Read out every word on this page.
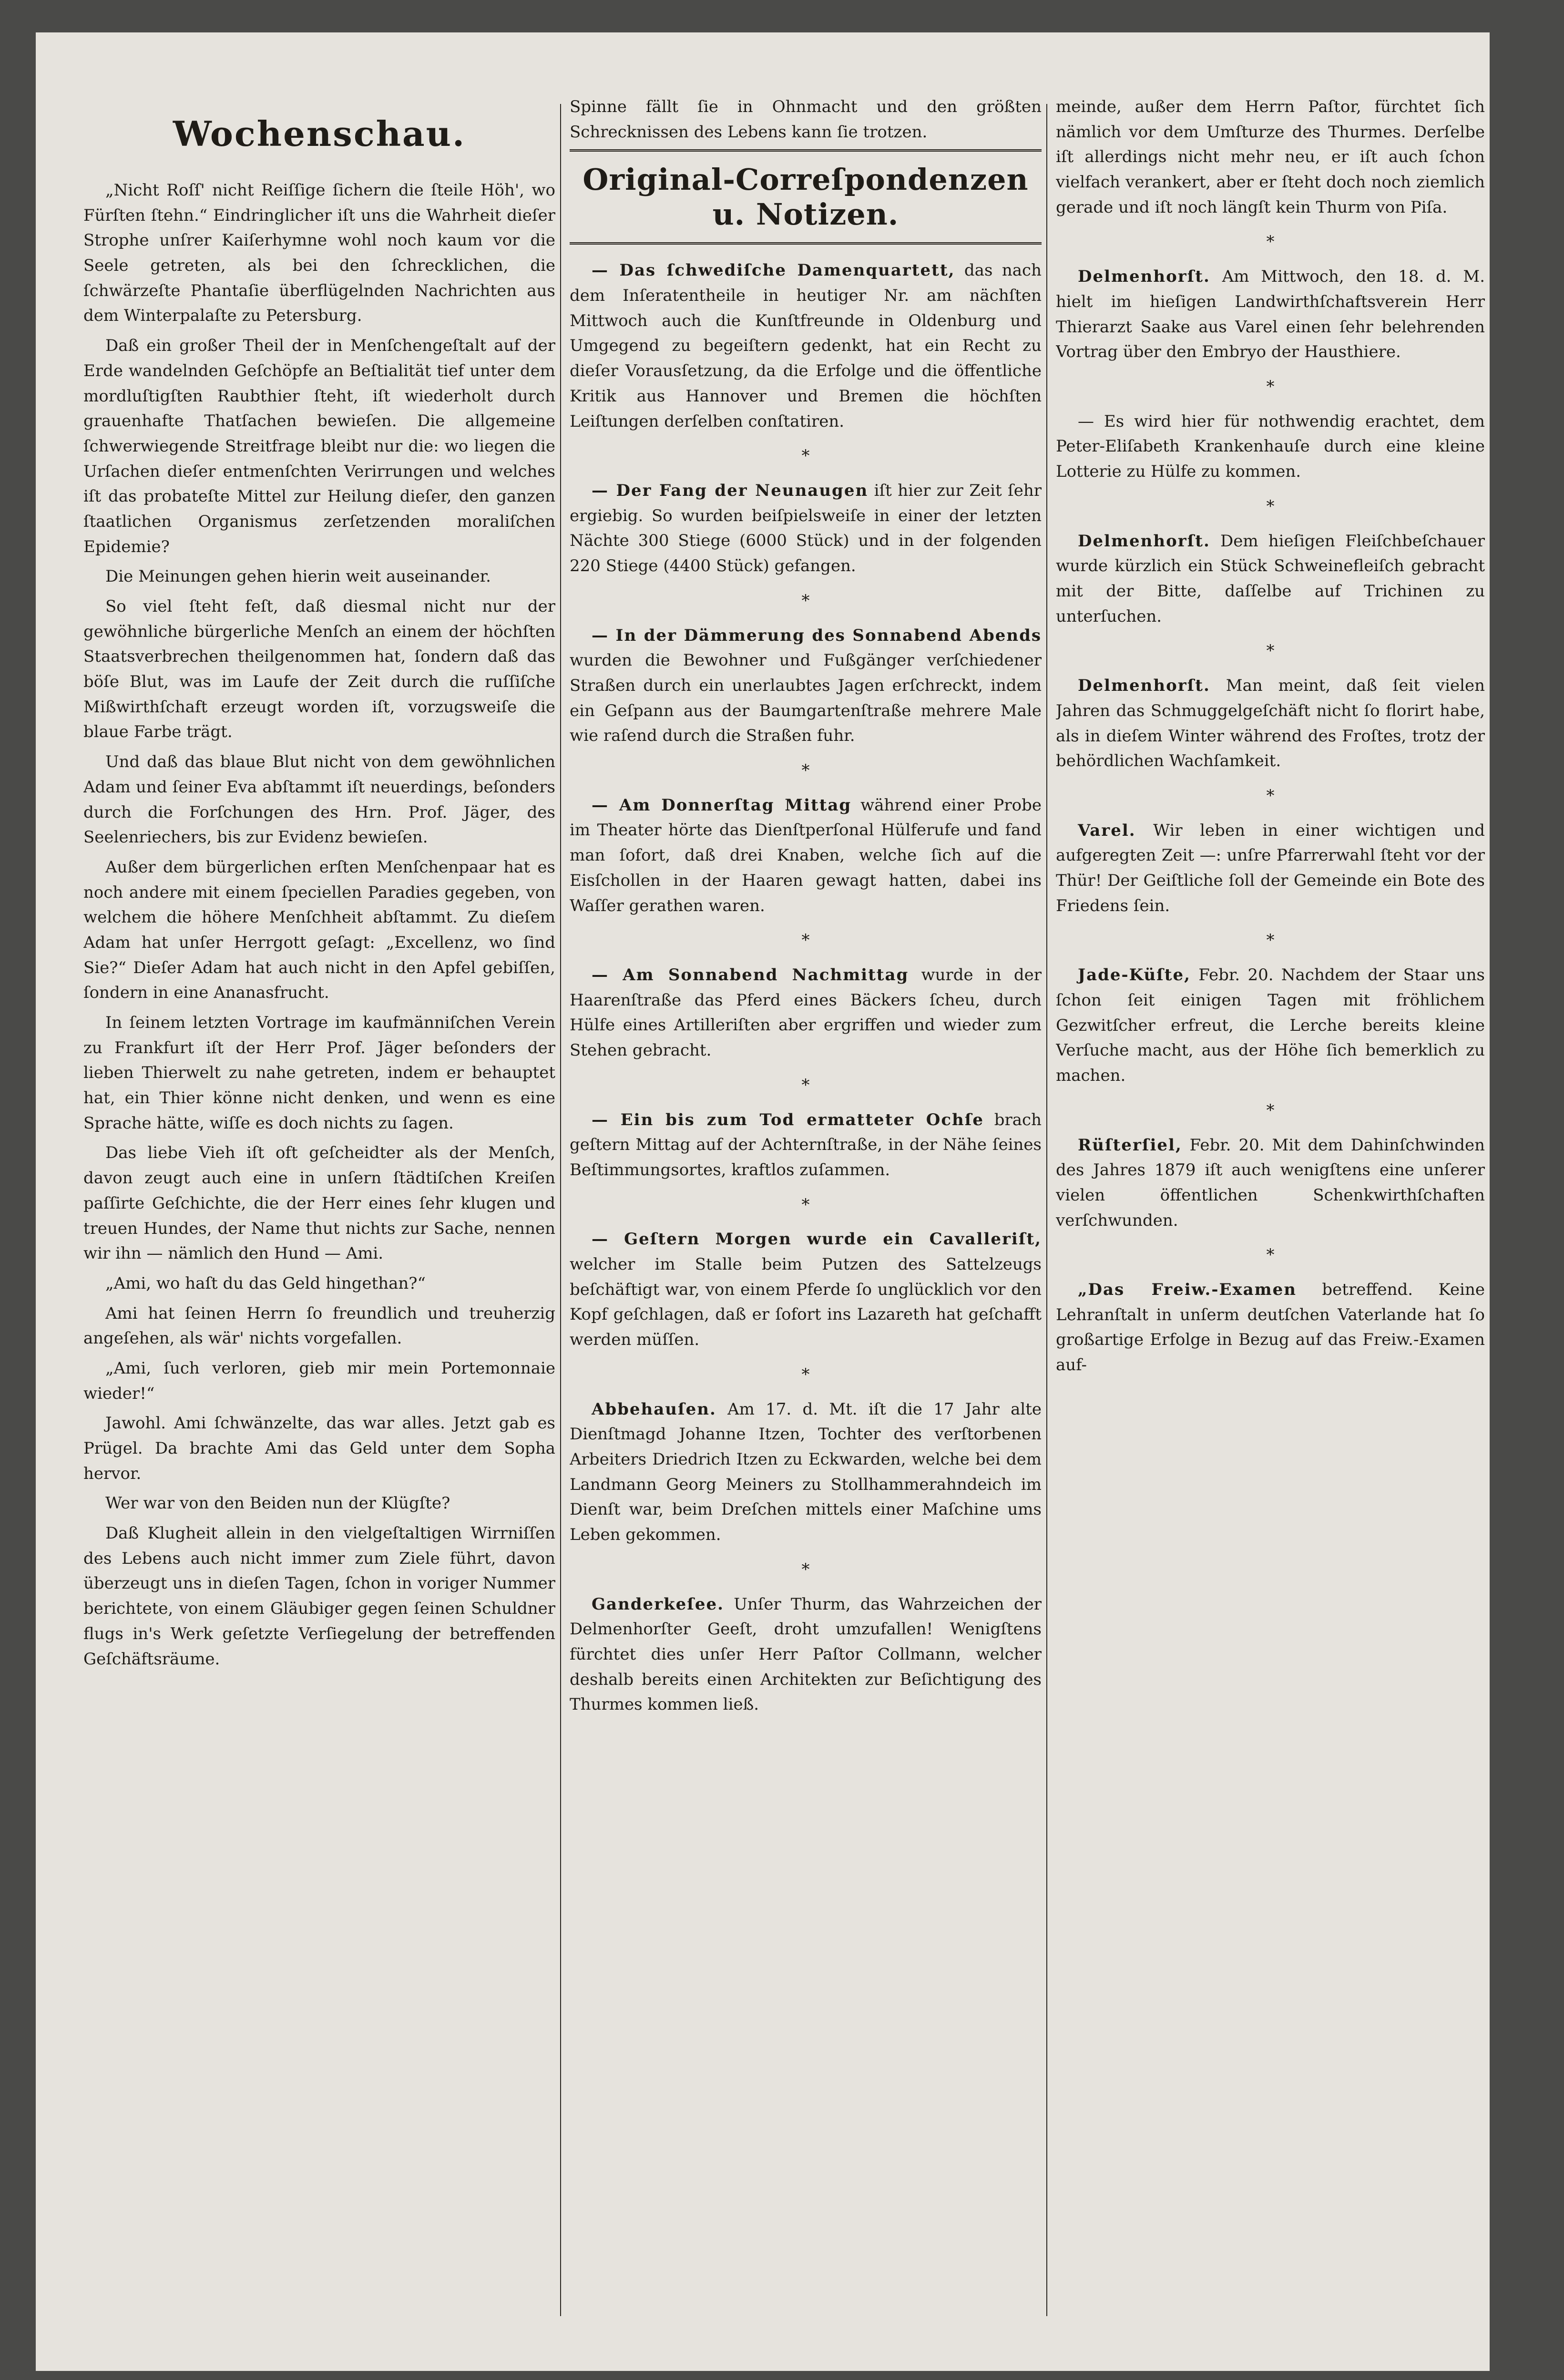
Wochenschau.

„Nicht Roſſ' nicht Reiſſige ſichern die ſteile Höh', wo Fürſten ſtehn.“ Eindringlicher iſt uns die Wahrheit dieſer Strophe unſrer Kaiſerhymne wohl noch kaum vor die Seele getreten, als bei den ſchrecklichen, die ſchwärzeſte Phantaſie überflügelnden Nachrichten aus dem Winterpalaſte zu Petersburg.

Daß ein großer Theil der in Menſchengeſtalt auf der Erde wandelnden Geſchöpfe an Beſtialität tief unter dem mordluſtigſten Raubthier ſteht, iſt wiederholt durch grauenhafte Thatſachen bewieſen. Die allgemeine ſchwerwiegende Streitfrage bleibt nur die: wo liegen die Urſachen dieſer entmenſchten Verirrungen und welches iſt das probateſte Mittel zur Heilung dieſer, den ganzen ſtaatlichen Organismus zerſetzenden moraliſchen Epidemie?

Die Meinungen gehen hierin weit auseinander.

So viel ſteht feſt, daß diesmal nicht nur der gewöhnliche bürgerliche Menſch an einem der höchſten Staatsverbrechen theilgenommen hat, ſondern daß das böſe Blut, was im Laufe der Zeit durch die ruſſiſche Mißwirthſchaft erzeugt worden iſt, vorzugsweiſe die blaue Farbe trägt.

Und daß das blaue Blut nicht von dem gewöhnlichen Adam und ſeiner Eva abſtammt iſt neuerdings, beſonders durch die Forſchungen des Hrn. Prof. Jäger, des Seelenriechers, bis zur Evidenz bewieſen.

Außer dem bürgerlichen erſten Menſchenpaar hat es noch andere mit einem ſpeciellen Paradies gegeben, von welchem die höhere Menſchheit abſtammt. Zu dieſem Adam hat unſer Herrgott geſagt: „Excellenz, wo ſind Sie?“ Dieſer Adam hat auch nicht in den Apfel gebiſſen, ſondern in eine Ananasfrucht.

In ſeinem letzten Vortrage im kaufmänniſchen Verein zu Frankfurt iſt der Herr Prof. Jäger beſonders der lieben Thierwelt zu nahe getreten, indem er behauptet hat, ein Thier könne nicht denken, und wenn es eine Sprache hätte, wiſſe es doch nichts zu ſagen.

Das liebe Vieh iſt oft geſcheidter als der Menſch, davon zeugt auch eine in unſern ſtädtiſchen Kreiſen paſſirte Geſchichte, die der Herr eines ſehr klugen und treuen Hundes, der Name thut nichts zur Sache, nennen wir ihn — nämlich den Hund — Ami.

„Ami, wo haſt du das Geld hingethan?“

Ami hat ſeinen Herrn ſo freundlich und treuherzig angeſehen, als wär' nichts vorgefallen.

„Ami, ſuch verloren, gieb mir mein Portemonnaie wieder!“

Jawohl. Ami ſchwänzelte, das war alles. Jetzt gab es Prügel. Da brachte Ami das Geld unter dem Sopha hervor.

Wer war von den Beiden nun der Klügſte?

Daß Klugheit allein in den vielgeſtaltigen Wirrniſſen des Lebens auch nicht immer zum Ziele führt, davon überzeugt uns in dieſen Tagen, ſchon in voriger Nummer berichtete, von einem Gläubiger gegen ſeinen Schuldner flugs in's Werk geſetzte Verſiegelung der betreffenden Geſchäftsräume.

Spinne fällt ſie in Ohnmacht und den größten Schrecknissen des Lebens kann ſie trotzen.

Original-Correſpondenzen u. Notizen.

— Das ſchwediſche Damenquartett, das nach dem Inſeratentheile in heutiger Nr. am nächſten Mittwoch auch die Kunſtfreunde in Oldenburg und Umgegend zu begeiſtern gedenkt, hat ein Recht zu dieſer Vorausſetzung, da die Erfolge und die öffentliche Kritik aus Hannover und Bremen die höchſten Leiſtungen derſelben conſtatiren.

*

— Der Fang der Neunaugen iſt hier zur Zeit ſehr ergiebig. So wurden beiſpielsweiſe in einer der letzten Nächte 300 Stiege (6000 Stück) und in der folgenden 220 Stiege (4400 Stück) gefangen.

*

— In der Dämmerung des Sonnabend Abends wurden die Bewohner und Fußgänger verſchiedener Straßen durch ein unerlaubtes Jagen erſchreckt, indem ein Geſpann aus der Baumgartenſtraße mehrere Male wie raſend durch die Straßen fuhr.

*

— Am Donnerſtag Mittag während einer Probe im Theater hörte das Dienſtperſonal Hülferufe und fand man ſofort, daß drei Knaben, welche ſich auf die Eisſchollen in der Haaren gewagt hatten, dabei ins Waſſer gerathen waren.

*

— Am Sonnabend Nachmittag wurde in der Haarenſtraße das Pferd eines Bäckers ſcheu, durch Hülfe eines Artilleriſten aber ergriffen und wieder zum Stehen gebracht.

*

— Ein bis zum Tod ermatteter Ochſe brach geſtern Mittag auf der Achternſtraße, in der Nähe ſeines Beſtimmungsortes, kraftlos zuſammen.

*

— Geſtern Morgen wurde ein Cavalleriſt, welcher im Stalle beim Putzen des Sattelzeugs beſchäftigt war, von einem Pferde ſo unglücklich vor den Kopf geſchlagen, daß er ſofort ins Lazareth hat geſchafft werden müſſen.

*

Abbehauſen. Am 17. d. Mt. iſt die 17 Jahr alte Dienſtmagd Johanne Itzen, Tochter des verſtorbenen Arbeiters Driedrich Itzen zu Eckwarden, welche bei dem Landmann Georg Meiners zu Stollhammerahndeich im Dienſt war, beim Dreſchen mittels einer Maſchine ums Leben gekommen.

*

Ganderkeſee. Unſer Thurm, das Wahrzeichen der Delmenhorſter Geeſt, droht umzufallen! Wenigſtens fürchtet dies unſer Herr Paſtor Collmann, welcher deshalb bereits einen Architekten zur Beſichtigung des Thurmes kommen ließ.

meinde, außer dem Herrn Paſtor, fürchtet ſich nämlich vor dem Umſturze des Thurmes. Derſelbe iſt allerdings nicht mehr neu, er iſt auch ſchon vielfach verankert, aber er ſteht doch noch ziemlich gerade und iſt noch längſt kein Thurm von Piſa.

*

Delmenhorſt. Am Mittwoch, den 18. d. M. hielt im hieſigen Landwirthſchaftsverein Herr Thierarzt Saake aus Varel einen ſehr belehrenden Vortrag über den Embryo der Hausthiere.

*

— Es wird hier für nothwendig erachtet, dem Peter-Eliſabeth Krankenhauſe durch eine kleine Lotterie zu Hülfe zu kommen.

*

Delmenhorſt. Dem hieſigen Fleiſchbeſchauer wurde kürzlich ein Stück Schweinefleiſch gebracht mit der Bitte, daſſelbe auf Trichinen zu unterſuchen.

*

Delmenhorſt. Man meint, daß ſeit vielen Jahren das Schmuggelgeſchäft nicht ſo florirt habe, als in dieſem Winter während des Froſtes, trotz der behördlichen Wachſamkeit.

*

Varel. Wir leben in einer wichtigen und aufgeregten Zeit —: unſre Pfarrerwahl ſteht vor der Thür! Der Geiſtliche ſoll der Gemeinde ein Bote des Friedens ſein.

*

Jade-Küſte, Febr. 20. Nachdem der Staar uns ſchon ſeit einigen Tagen mit fröhlichem Gezwitſcher erfreut, die Lerche bereits kleine Verſuche macht, aus der Höhe ſich bemerklich zu machen.

*

Rüſterſiel, Febr. 20. Mit dem Dahinſchwinden des Jahres 1879 iſt auch wenigſtens eine unſerer vielen öffentlichen Schenkwirthſchaften verſchwunden.

*

„Das Freiw.-Examen betreffend. Keine Lehranſtalt in unſerm deutſchen Vaterlande hat ſo großartige Erfolge in Bezug auf das Freiw.-Examen auf-
